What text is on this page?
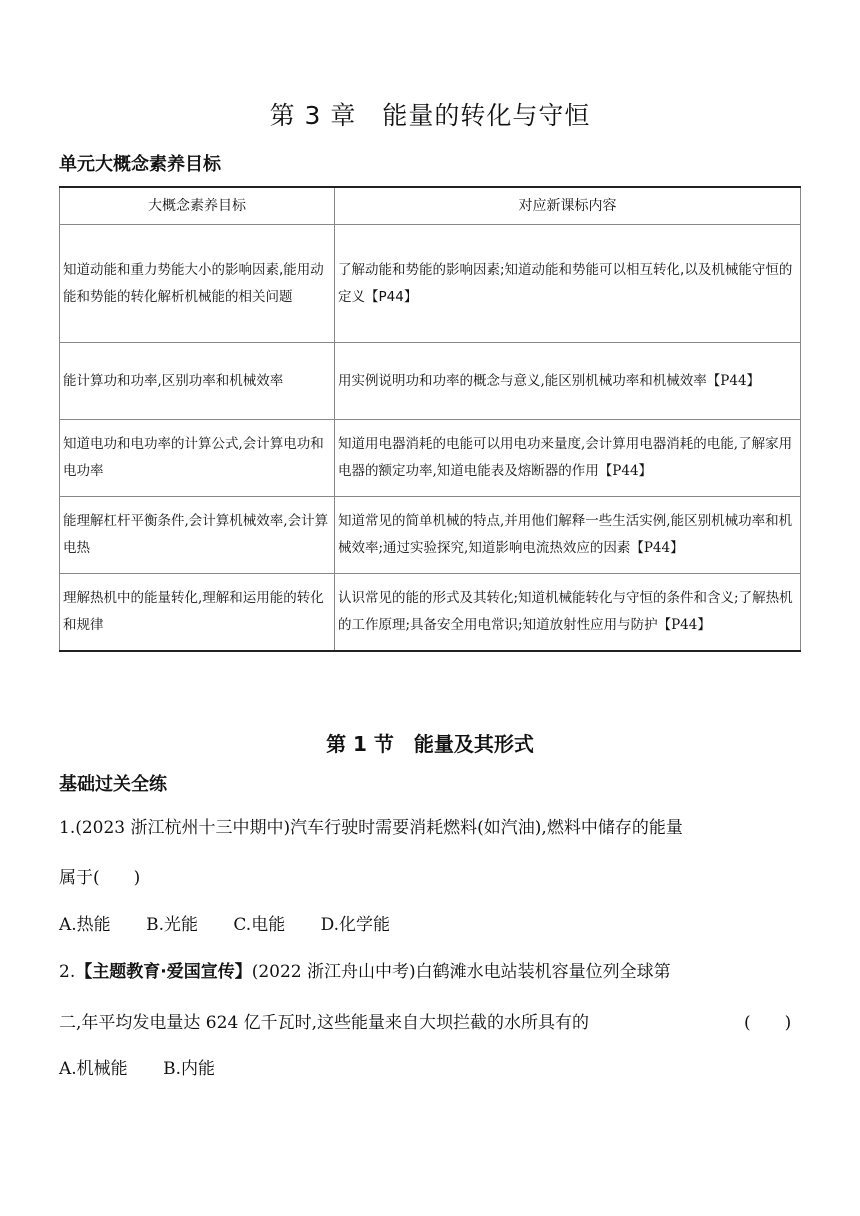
第 3 章　能量的转化与守恒
单元大概念素养目标
大概念素养目标	对应新课标内容
知道动能和重力势能大小的影响因素,能用动能和势能的转化解析机械能的相关问题	了解动能和势能的影响因素;知道动能和势能可以相互转化,以及机械能守恒的定义【P44】
能计算功和功率,区别功率和机械效率	用实例说明功和功率的概念与意义,能区别机械功率和机械效率【P44】
知道电功和电功率的计算公式,会计算电功和电功率	知道用电器消耗的电能可以用电功来量度,会计算用电器消耗的电能,了解家用电器的额定功率,知道电能表及熔断器的作用【P44】
能理解杠杆平衡条件,会计算机械效率,会计算电热	知道常见的简单机械的特点,并用他们解释一些生活实例,能区别机械功率和机械效率;通过实验探究,知道影响电流热效应的因素【P44】
理解热机中的能量转化,理解和运用能的转化和规律	认识常见的能的形式及其转化;知道机械能转化与守恒的条件和含义;了解热机的工作原理;具备安全用电常识;知道放射性应用与防护【P44】
第 1 节　能量及其形式
基础过关全练
1.(2023 浙江杭州十三中期中)汽车行驶时需要消耗燃料(如汽油),燃料中储存的能量
属于(　　)
A.热能 B.光能 C.电能 D.化学能
2.【主题教育·爱国宣传】(2022 浙江舟山中考)白鹤滩水电站装机容量位列全球第
二,年平均发电量达 624 亿千瓦时,这些能量来自大坝拦截的水所具有的	(　　)
A.机械能 B.内能
